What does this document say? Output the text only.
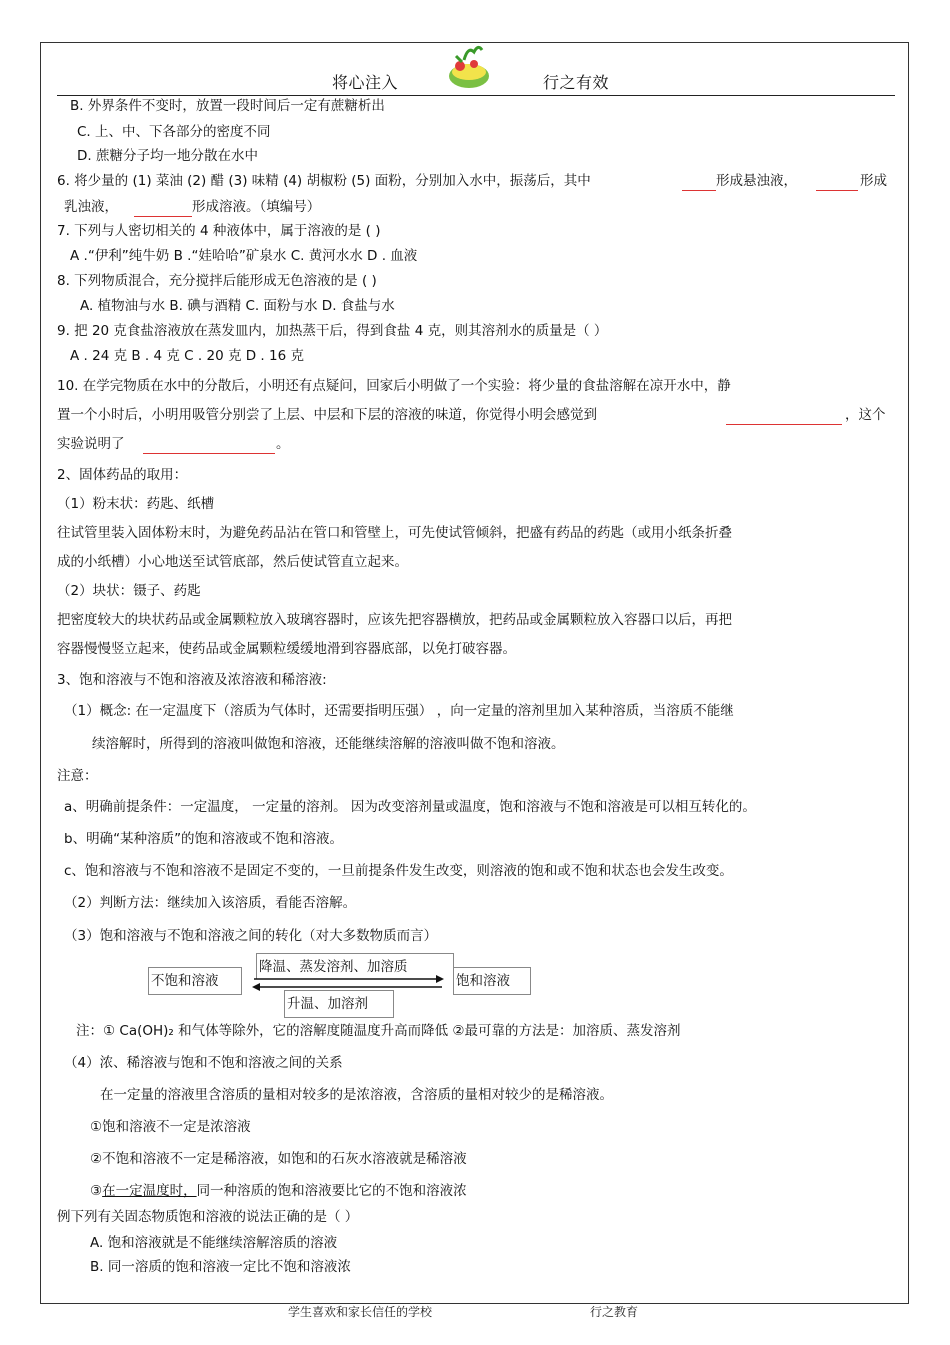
将心注入	行之有效
B. 外界条件不变时，放置一段时间后一定有蔗糖析出
C. 上、中、下各部分的密度不同
D. 蔗糖分子均一地分散在水中
6. 将少量的 (1) 菜油 (2) 醋 (3) 味精 (4) 胡椒粉 (5) 面粉，分别加入水中，振荡后，其中	形成悬浊液，	形成
乳浊液，	形成溶液。（填编号）
7. 下列与人密切相关的 4 种液体中，属于溶液的是 ( )
A .“伊利”纯牛奶 B .“娃哈哈”矿泉水 C. 黄河水水 D . 血液
8. 下列物质混合，充分搅拌后能形成无色溶液的是 ( )
A. 植物油与水 B. 碘与酒精 C. 面粉与水 D. 食盐与水
9. 把 20 克食盐溶液放在蒸发皿内，加热蒸干后，得到食盐 4 克，则其溶剂水的质量是（ ）
A . 24 克 B . 4 克 C . 20 克 D . 16 克
10. 在学完物质在水中的分散后，小明还有点疑问，回家后小明做了一个实验：将少量的食盐溶解在凉开水中，静
置一个小时后，小明用吸管分别尝了上层、中层和下层的溶液的味道，你觉得小明会感觉到	，这个
实验说明了	。
2、固体药品的取用：
（1）粉末状：药匙、纸槽
往试管里装入固体粉末时，为避免药品沾在管口和管壁上，可先使试管倾斜，把盛有药品的药匙（或用小纸条折叠
成的小纸槽）小心地送至试管底部，然后使试管直立起来。
（2）块状：镊子、药匙
把密度较大的块状药品或金属颗粒放入玻璃容器时，应该先把容器横放，把药品或金属颗粒放入容器口以后，再把
容器慢慢竖立起来，使药品或金属颗粒缓缓地滑到容器底部，以免打破容器。
3、饱和溶液与不饱和溶液及浓溶液和稀溶液:
（1）概念: 在一定温度下（溶质为气体时，还需要指明压强） ，向一定量的溶剂里加入某种溶质，当溶质不能继
续溶解时，所得到的溶液叫做饱和溶液，还能继续溶解的溶液叫做不饱和溶液。
注意：
a、明确前提条件：一定温度， 一定量的溶剂。 因为改变溶剂量或温度，饱和溶液与不饱和溶液是可以相互转化的。
b、明确“某种溶质”的饱和溶液或不饱和溶液。
c、饱和溶液与不饱和溶液不是固定不变的，一旦前提条件发生改变，则溶液的饱和或不饱和状态也会发生改变。
（2）判断方法：继续加入该溶质，看能否溶解。
（3）饱和溶液与不饱和溶液之间的转化（对大多数物质而言）
不饱和溶液
降温、蒸发溶剂、加溶质
饱和溶液
升温、加溶剂
注：① Ca(OH)₂ 和气体等除外，它的溶解度随温度升高而降低 ②最可靠的方法是：加溶质、蒸发溶剂
（4）浓、稀溶液与饱和不饱和溶液之间的关系
在一定量的溶液里含溶质的量相对较多的是浓溶液，含溶质的量相对较少的是稀溶液。
①饱和溶液不一定是浓溶液
②不饱和溶液不一定是稀溶液，如饱和的石灰水溶液就是稀溶液
③在一定温度时，同一种溶质的饱和溶液要比它的不饱和溶液浓
例下列有关固态物质饱和溶液的说法正确的是（ ）
A. 饱和溶液就是不能继续溶解溶质的溶液
B. 同一溶质的饱和溶液一定比不饱和溶液浓
学生喜欢和家长信任的学校	行之教育
